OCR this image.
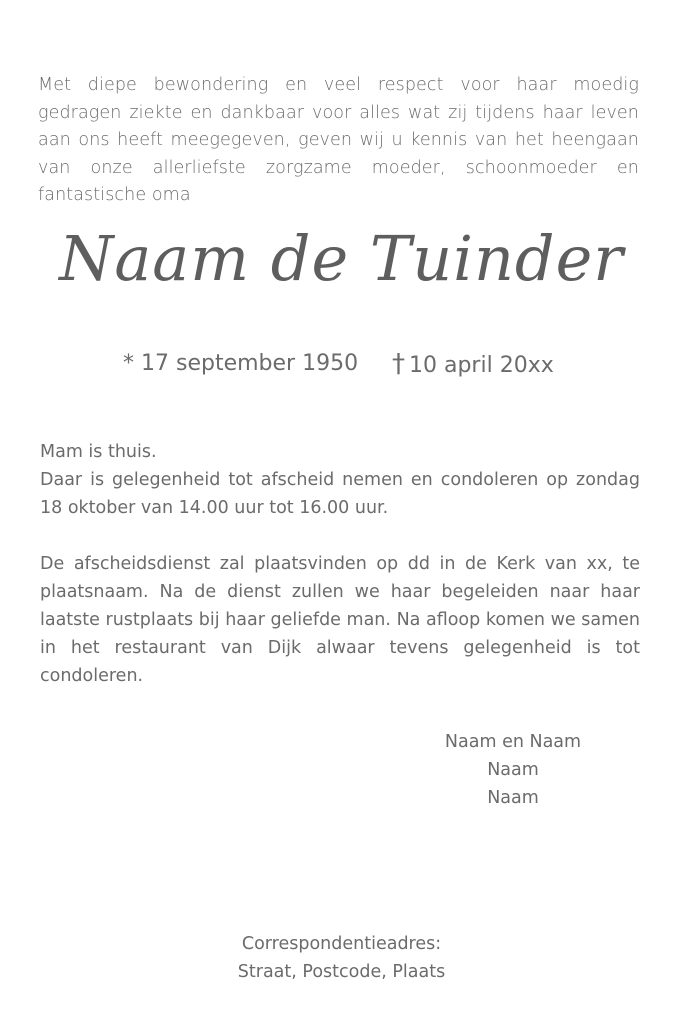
Met diepe bewondering en veel respect voor haar moedig gedragen ziekte en dankbaar voor alles wat zij tijdens haar leven aan ons heeft meegegeven, geven wij u kennis van het heengaan van onze allerliefste zorgzame moeder, schoonmoeder en fantastische oma
Naam de Tuinder
* 17 september 1950 † 10 april 20xx
Mam is thuis.
Daar is gelegenheid tot afscheid nemen en condoleren op zondag 18 oktober van 14.00 uur tot 16.00 uur.
De afscheidsdienst zal plaatsvinden op dd in de Kerk van xx, te plaatsnaam. Na de dienst zullen we haar begeleiden naar haar laatste rustplaats bij haar geliefde man. Na afloop komen we samen in het restaurant van Dijk alwaar tevens gelegenheid is tot condoleren.
Naam en Naam
Naam
Naam
Correspondentieadres:
Straat, Postcode, Plaats
